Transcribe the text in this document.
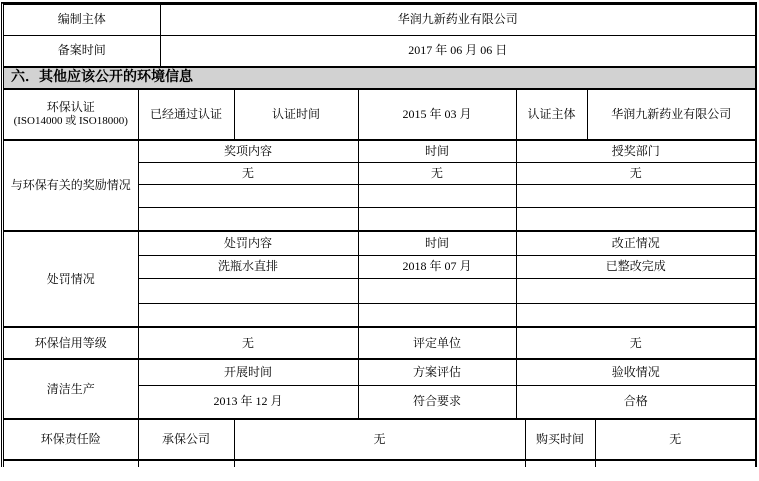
编制主体		华润九新药业有限公司						
备案时间		2017 年 06 月 06 日						
六．其他应该公开的环境信息								

环保认证
(ISO14000 或 ISO18000)	已经通过认证		认证时间	2015 年 03 月	认证主体		华润九新药业有限公司	
与环保有关的奖励情况	奖项内容			时间	授奖部门			
	无			无	无			

处罚情况	处罚内容			时间	改正情况			
	洗瓶水直排			2018 年 07 月	已整改完成			

环保信用等级	无			评定单位	无			
清洁生产	开展时间			方案评估	验收情况			
	2013 年 12 月			符合要求	合格			
环保责任险	承保公司		无			购买时间		无
